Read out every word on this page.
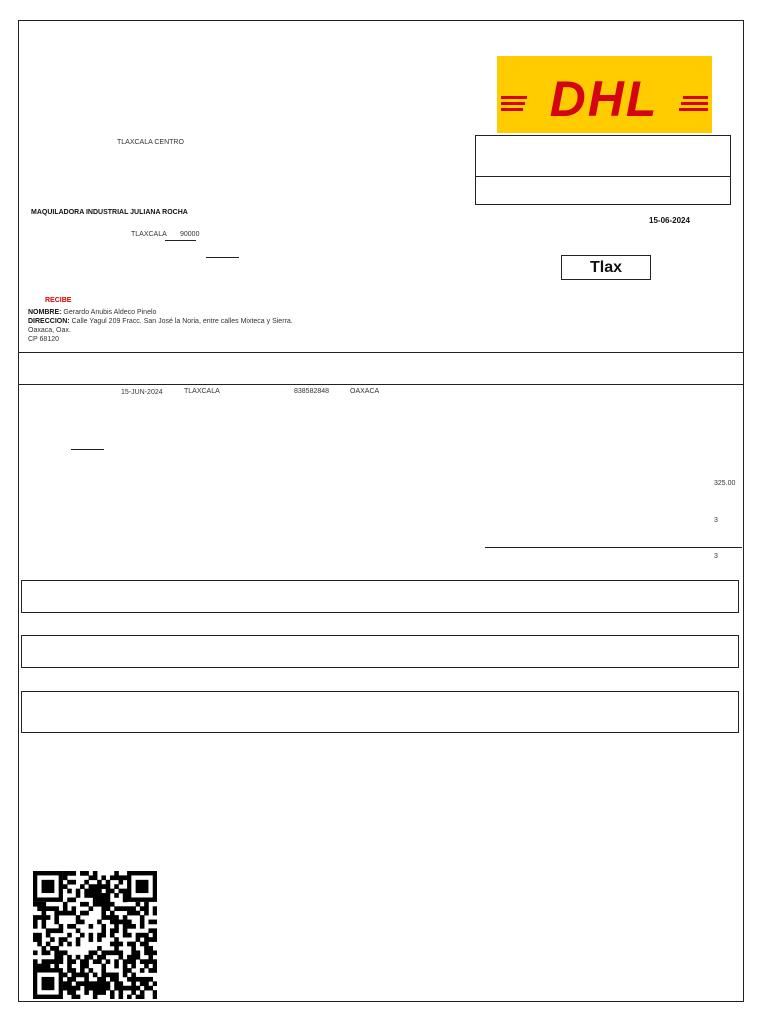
DHL
TLAXCALA CENTRO
MAQUILADORA INDUSTRIAL JULIANA ROCHA
TLAXCALA 90000
15-06-2024
Tlax
RECIBE
NOMBRE: Gerardo Anubis Aldeco Pinelo
DIRECCION: Calle Yagul 209 Fracc. San José la Noria, entre calles Mixteca y Sierra.
Oaxaca, Oax.
CP 68120
15-JUN-2024	TLAXCALA	838582848	OAXACA
325.00
3
3
